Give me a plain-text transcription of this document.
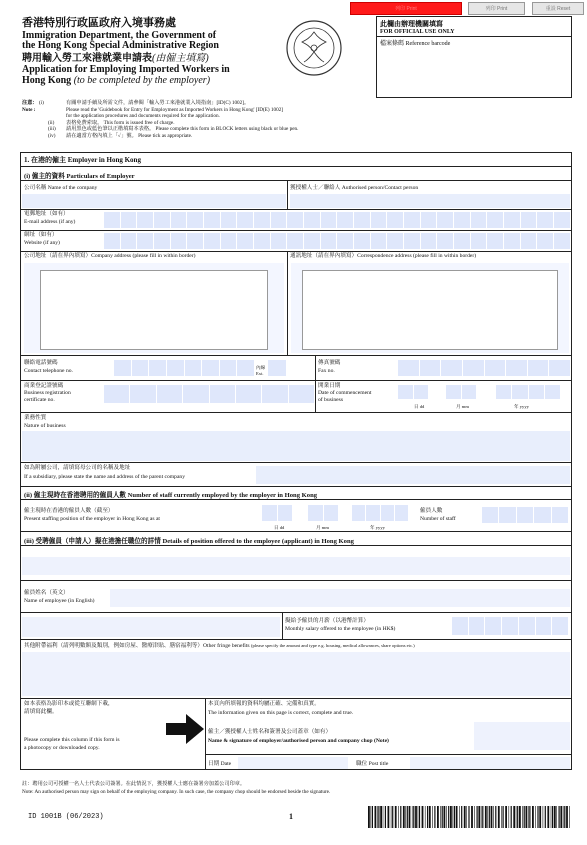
列印 Print	列印 Print	重設 Reset
此欄由辦理機關填寫
FOR OFFICIAL USE ONLY
檔案條碼 Reference barcode
香港特別行政區政府入境事務處
Immigration Department, the Government of
the Hong Kong Special Administrative Region
聘用輸入勞工來港就業申請表(由僱主填寫)
Application for Employing Imported Workers in
Hong Kong (to be completed by the employer)
注意： (i)	有關申請手續及所需文件，請參閱「輸入勞工來港就業入境指南」[ID(C) 1002]。
Note :	Please read the 'Guidebook for Entry for Employment as Imported Workers in Hong Kong' [ID(E) 1002]
for the application procedures and documents required for the application.
(ii) 表格免費索取。 This form is issued free of charge.
(iii) 請用黑色或藍色筆以正楷填寫本表格。 Please complete this form in BLOCK letters using black or blue pen.
(iv) 請在適當方格內填上「✓」號。 Please tick as appropriate.
1. 在港的僱主 Employer in Hong Kong
(i) 僱主的資料 Particulars of Employer
公司名稱 Name of the company	獲授權人士／聯絡人 Authorised person/Contact person
電郵地址（如有）
E-mail address (if any)
網址（如有）
Website (if any)
公司地址（請在界內填寫）Company address (please fill in within border)	通訊地址（請在界內填寫）Correspondence address (please fill in within border)
聯絡電話號碼
Contact telephone no.
內線
Ext.
傳真號碼
Fax no.
商業登記證號碼
Business registration
certificate no.
開業日期
Date of commencement
of business
日 dd	月 mm	年 yyyy
業務性質
Nature of business
如為附屬公司，請填寫母公司的名稱及地址
If a subsidiary, please state the name and address of the parent company
(ii) 僱主現時在香港聘用的僱員人數 Number of staff currently employed by the employer in Hong Kong
僱主現時在香港的僱員人數（截至）
Present staffing position of the employer in Hong Kong as at
日 dd	月 mm	年 yyyy
僱員人數
Number of staff
(iii) 受聘僱員（申請人）擬在港擔任職位的詳情 Details of position offered to the employee (applicant) in Hong Kong
僱員姓名（英文）
Name of employee (in English)
擬給予僱員的月薪（以港幣計算）
Monthly salary offered to the employee (in HK$)
其他附帶福利（請列明數額及類別，例如房屋、醫療津貼、膳宿福利等）Other fringe benefits (please specify the amount and type e.g. housing, medical allowances, share options etc.)
如本表格為影印本或從互聯網下載，
請填寫此欄。
Please complete this column if this form is
a photocopy or downloaded copy.
本頁內所填報的資料均屬正確、完備和真實。
The information given on this page is correct, complete and true.
僱主／獲授權人士姓名和簽署及公司蓋章（如有）
Name & signature of employer/authorised person and company chop (Note)
日期 Date	職位 Post title
註：聘用公司可授權一名人士代表公司簽署。在此情況下，獲授權人士應在簽署旁加蓋公司印章。
Note: An authorised person may sign on behalf of the employing company. In such case, the company chop should be endorsed beside the signature.
ID 1001B (06/2023)	1
